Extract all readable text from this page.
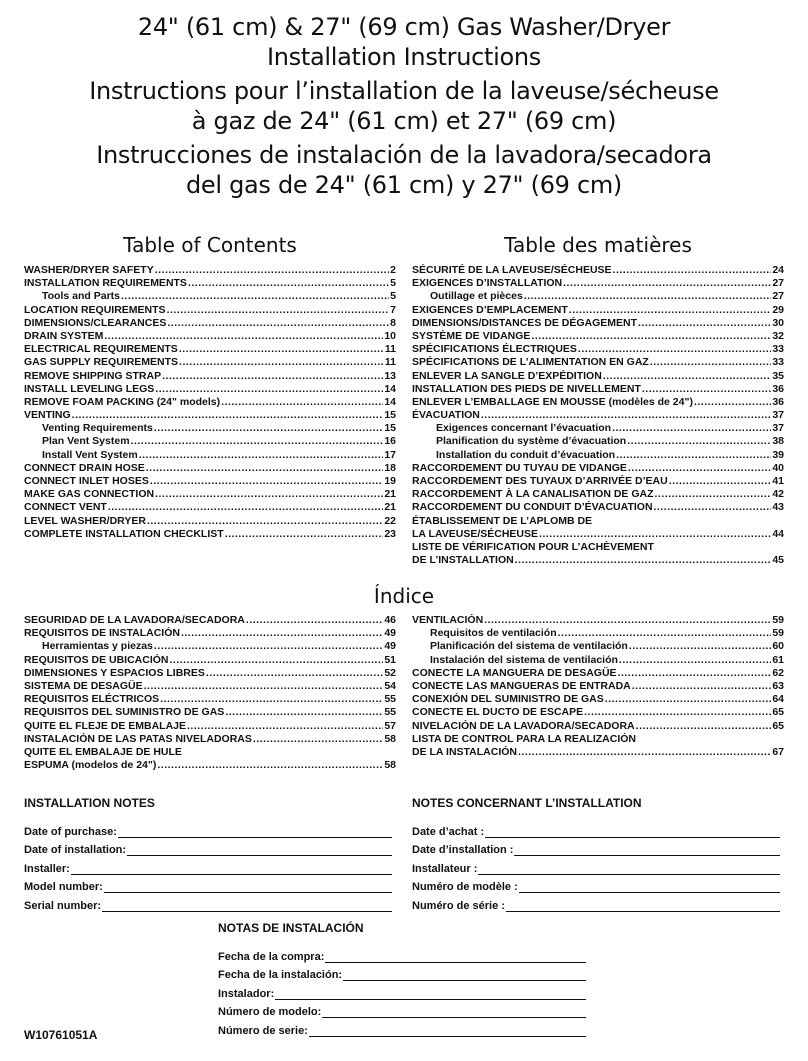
24" (61 cm) & 27" (69 cm) Gas Washer/Dryer
Installation Instructions
Instructions pour l’installation de la laveuse/sécheuse
à gaz de 24" (61 cm) et 27" (69 cm)
Instrucciones de instalación de la lavadora/secadora
del gas de 24" (61 cm) y 27" (69 cm)
Table of Contents	Table des matières
WASHER/DRYER SAFETY .....	2
INSTALLATION REQUIREMENTS .....	5
Tools and Parts .....	5
LOCATION REQUIREMENTS .....	7
DIMENSIONS/CLEARANCES .....	8
DRAIN SYSTEM .....	10
ELECTRICAL REQUIREMENTS .....	11
GAS SUPPLY REQUIREMENTS .....	11
REMOVE SHIPPING STRAP .....	13
INSTALL LEVELING LEGS .....	14
REMOVE FOAM PACKING (24" models) .....	14
VENTING .....	15
Venting Requirements .....	15
Plan Vent System .....	16
Install Vent System .....	17
CONNECT DRAIN HOSE .....	18
CONNECT INLET HOSES .....	19
MAKE GAS CONNECTION .....	21
CONNECT VENT .....	21
LEVEL WASHER/DRYER .....	22
COMPLETE INSTALLATION CHECKLIST .....	23
SÉCURITÉ DE LA LAVEUSE/SÉCHEUSE .....	24
EXIGENCES D’INSTALLATION .....	27
Outillage et pièces .....	27
EXIGENCES D’EMPLACEMENT .....	29
DIMENSIONS/DISTANCES DE DÉGAGEMENT .....	30
SYSTÈME DE VIDANGE .....	32
SPÉCIFICATIONS ÉLECTRIQUES .....	33
SPÉCIFICATIONS DE L’ALIMENTATION EN GAZ .....	33
ENLEVER LA SANGLE D’EXPÉDITION .....	35
INSTALLATION DES PIEDS DE NIVELLEMENT .....	36
ENLEVER L’EMBALLAGE EN MOUSSE (modèles de 24") .....	36
ÉVACUATION .....	37
Exigences concernant l’évacuation .....	37
Planification du système d’évacuation .....	38
Installation du conduit d’évacuation .....	39
RACCORDEMENT DU TUYAU DE VIDANGE .....	40
RACCORDEMENT DES TUYAUX D’ARRIVÉE D’EAU .....	41
RACCORDEMENT À LA CANALISATION DE GAZ .....	42
RACCORDEMENT DU CONDUIT D’ÉVACUATION .....	43
ÉTABLISSEMENT DE L’APLOMB DE
LA LAVEUSE/SÉCHEUSE .....	44
LISTE DE VÉRIFICATION POUR L’ACHÈVEMENT
DE L’INSTALLATION .....	45
Índice
SEGURIDAD DE LA LAVADORA/SECADORA .....	46
REQUISITOS DE INSTALACIÓN .....	49
Herramientas y piezas .....	49
REQUISITOS DE UBICACIÓN .....	51
DIMENSIONES Y ESPACIOS LIBRES .....	52
SISTEMA DE DESAGÜE .....	54
REQUISITOS ELÉCTRICOS .....	55
REQUISITOS DEL SUMINISTRO DE GAS .....	55
QUITE EL FLEJE DE EMBALAJE .....	57
INSTALACIÓN DE LAS PATAS NIVELADORAS .....	58
QUITE EL EMBALAJE DE HULE
ESPUMA (modelos de 24") .....	58
VENTILACIÓN .....	59
Requisitos de ventilación .....	59
Planificación del sistema de ventilación .....	60
Instalación del sistema de ventilación .....	61
CONECTE LA MANGUERA DE DESAGÜE .....	62
CONECTE LAS MANGUERAS DE ENTRADA .....	63
CONEXIÓN DEL SUMINISTRO DE GAS .....	64
CONECTE EL DUCTO DE ESCAPE .....	65
NIVELACIÓN DE LA LAVADORA/SECADORA .....	65
LISTA DE CONTROL PARA LA REALIZACIÓN
DE LA INSTALACIÓN .....	67
INSTALLATION NOTES
Date of purchase:
Date of installation:
Installer:
Model number:
Serial number:
NOTES CONCERNANT L’INSTALLATION
Date d’achat :
Date d’installation :
Installateur :
Numéro de modèle :
Numéro de série :
NOTAS DE INSTALACIÓN
Fecha de la compra:
Fecha de la instalación:
Instalador:
Número de modelo:
Número de serie:
W10761051A
